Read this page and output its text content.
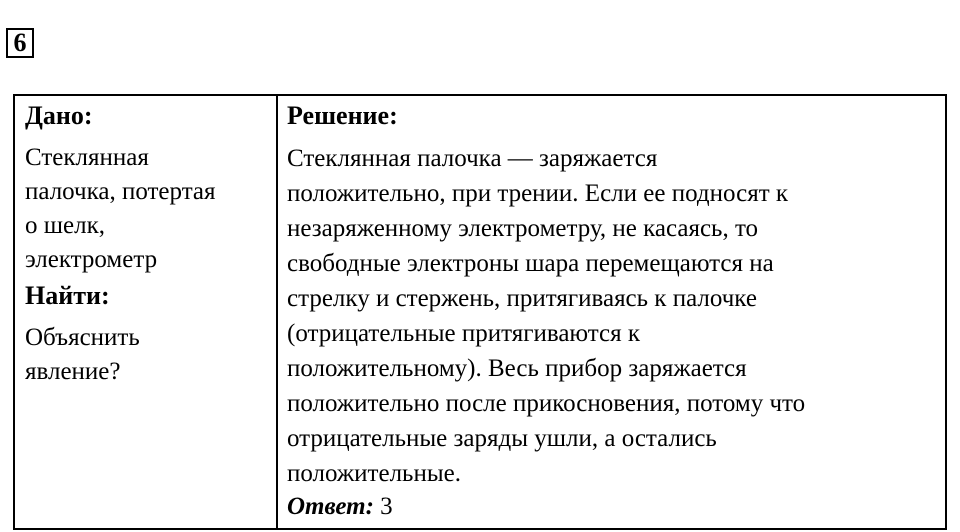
6

Дано:

Стеклянная

палочка, потертая

о шелк,

электрометр

Найти:

Объяснить

явление?

Решение:

Стеклянная палочка — заряжается

положительно, при трении. Если ее подносят к

незаряженному электрометру, не касаясь, то

свободные электроны шара перемещаются на

стрелку и стержень, притягиваясь к палочке

(отрицательные притягиваются к

положительному). Весь прибор заряжается

положительно после прикосновения, потому что

отрицательные заряды ушли, а остались

положительные.

Ответ: 3
